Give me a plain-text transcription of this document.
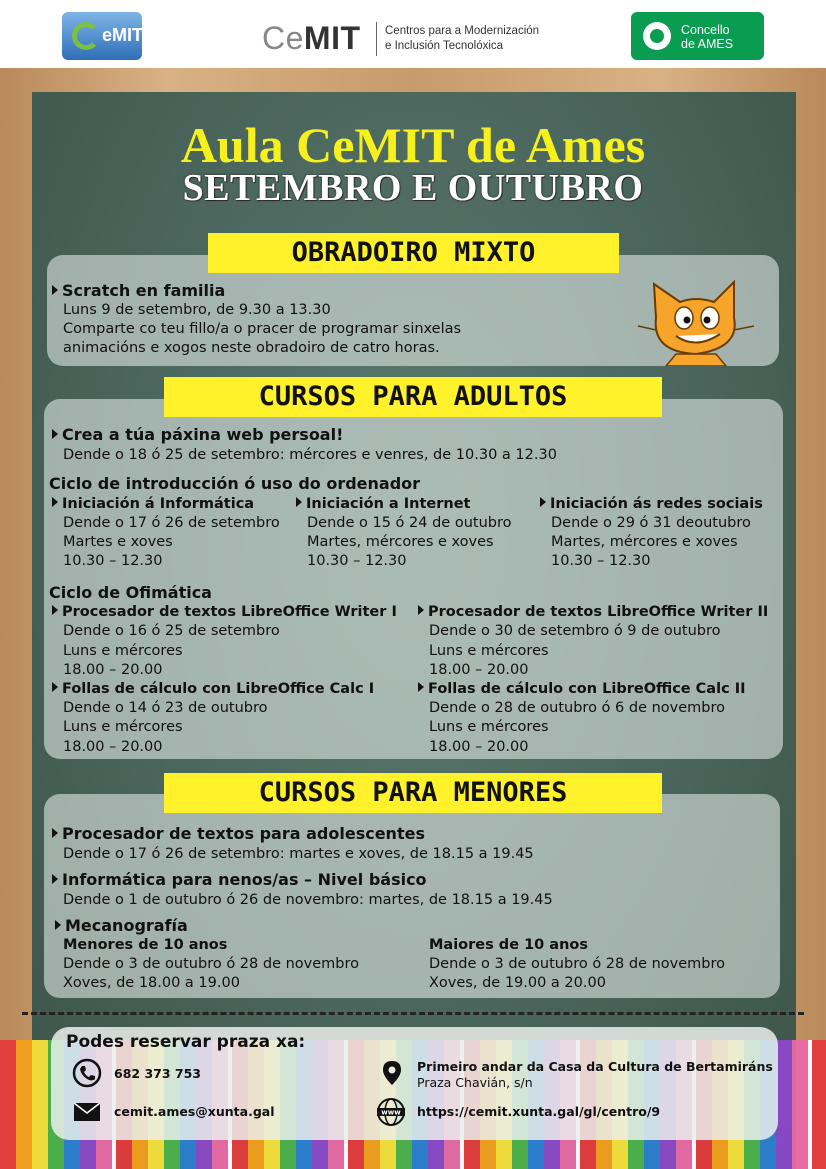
eMIT	CeMIT Centros para a Modernización
e Inclusión Tecnolóxica
Concello
de AMES
Aula CeMIT de Ames
SETEMBRO E OUTUBRO
OBRADOIRO MIXTO
Scratch en familia
Luns 9 de setembro, de 9.30 a 13.30
Comparte co teu fillo/a o pracer de programar sinxelas
animacións e xogos neste obradoiro de catro horas.
CURSOS PARA ADULTOS
Crea a túa páxina web persoal!
Dende o 18 ó 25 de setembro: mércores e venres, de 10.30 a 12.30
Ciclo de introducción ó uso do ordenador
Iniciación á Informática
Dende o 17 ó 26 de setembro
Martes e xoves
10.30 – 12.30
Iniciación a Internet
Dende o 15 ó 24 de outubro
Martes, mércores e xoves
10.30 – 12.30
Iniciación ás redes sociais
Dende o 29 ó 31 deoutubro
Martes, mércores e xoves
10.30 – 12.30
Ciclo de Ofimática
Procesador de textos LibreOffice Writer I
Dende o 16 ó 25 de setembro
Luns e mércores
18.00 – 20.00
Procesador de textos LibreOffice Writer II
Dende o 30 de setembro ó 9 de outubro
Luns e mércores
18.00 – 20.00
Follas de cálculo con LibreOffice Calc I
Dende o 14 ó 23 de outubro
Luns e mércores
18.00 – 20.00
Follas de cálculo con LibreOffice Calc II
Dende o 28 de outubro ó 6 de novembro
Luns e mércores
18.00 – 20.00
CURSOS PARA MENORES
Procesador de textos para adolescentes
Dende o 17 ó 26 de setembro: martes e xoves, de 18.15 a 19.45
Informática para nenos/as – Nivel básico
Dende o 1 de outubro ó 26 de novembro: martes, de 18.15 a 19.45
Mecanografía
Menores de 10 anos
Dende o 3 de outubro ó 28 de novembro
Xoves, de 18.00 a 19.00
Maiores de 10 anos
Dende o 3 de outubro ó 28 de novembro
Xoves, de 19.00 a 20.00
Podes reservar praza xa:
682 373 753
cemit.ames@xunta.gal
Primeiro andar da Casa da Cultura de Bertamiráns
Praza Chavián, s/n
www https://cemit.xunta.gal/gl/centro/9
